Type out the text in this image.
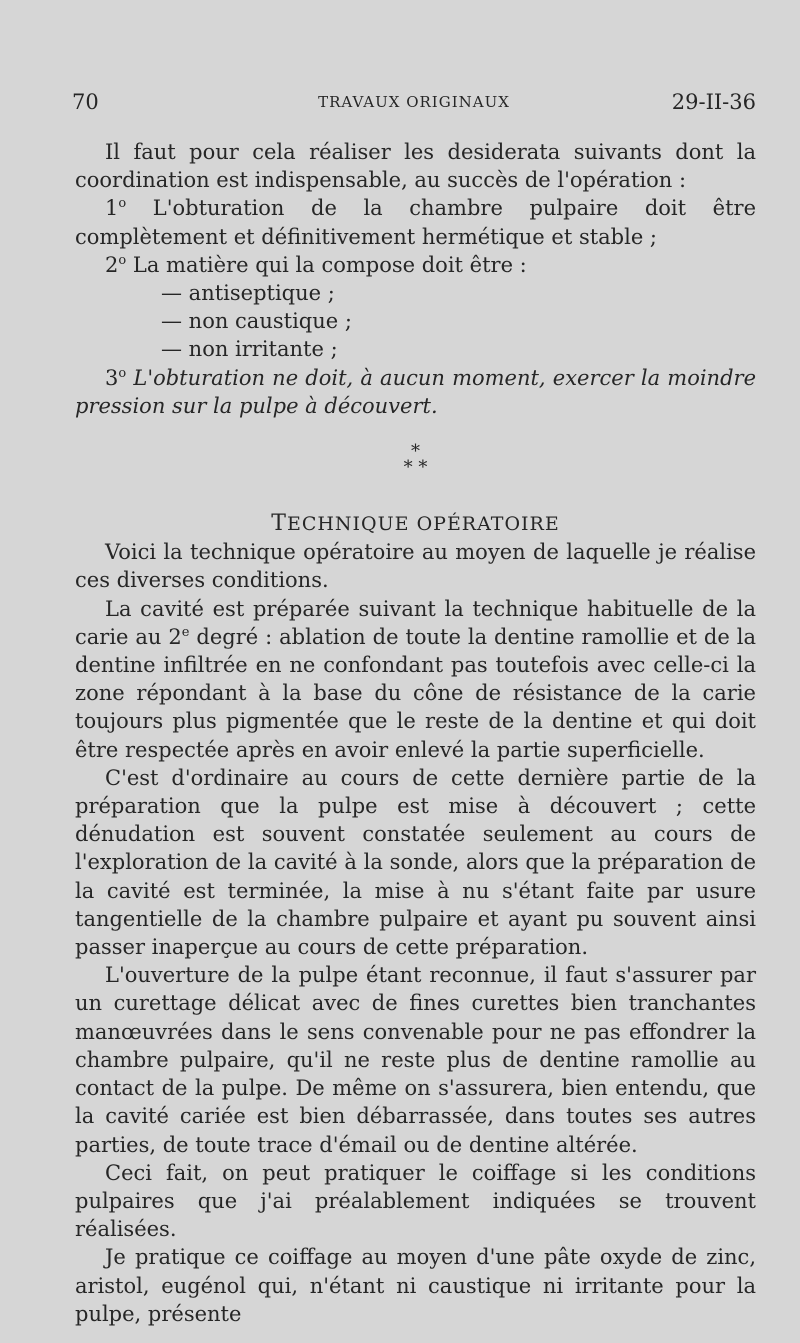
70	TRAVAUX ORIGINAUX	29-II-36

Il faut pour cela réaliser les desiderata suivants dont la coordination est indispensable, au succès de l'opération :

1$^o$ L'obturation de la chambre pulpaire doit être complètement et définitivement hermétique et stable ;

2$^o$ La matière qui la compose doit être :

— antiseptique ;

— non caustique ;

— non irritante ;

3$^o$ L'obturation ne doit, à aucun moment, exercer la moindre pression sur la pulpe à découvert.

*
* *

TECHNIQUE OPÉRATOIRE

Voici la technique opératoire au moyen de laquelle je réalise ces diverses conditions.

La cavité est préparée suivant la technique habituelle de la carie au 2e degré : ablation de toute la dentine ramollie et de la dentine infiltrée en ne confondant pas toutefois avec celle-ci la zone répondant à la base du cône de résistance de la carie toujours plus pigmentée que le reste de la dentine et qui doit être respectée après en avoir enlevé la partie superficielle.

C'est d'ordinaire au cours de cette dernière partie de la préparation que la pulpe est mise à découvert ; cette dénudation est souvent constatée seulement au cours de l'exploration de la cavité à la sonde, alors que la préparation de la cavité est terminée, la mise à nu s'étant faite par usure tangentielle de la chambre pulpaire et ayant pu souvent ainsi passer inaperçue au cours de cette préparation.

L'ouverture de la pulpe étant reconnue, il faut s'assurer par un curettage délicat avec de fines curettes bien tranchantes manœuvrées dans le sens convenable pour ne pas effondrer la chambre pulpaire, qu'il ne reste plus de dentine ramollie au contact de la pulpe. De même on s'assurera, bien entendu, que la cavité cariée est bien débarrassée, dans toutes ses autres parties, de toute trace d'émail ou de dentine altérée.

Ceci fait, on peut pratiquer le coiffage si les conditions pulpaires que j'ai préalablement indiquées se trouvent réalisées.

Je pratique ce coiffage au moyen d'une pâte oxyde de zinc, aristol, eugénol qui, n'étant ni caustique ni irritante pour la pulpe, présente
